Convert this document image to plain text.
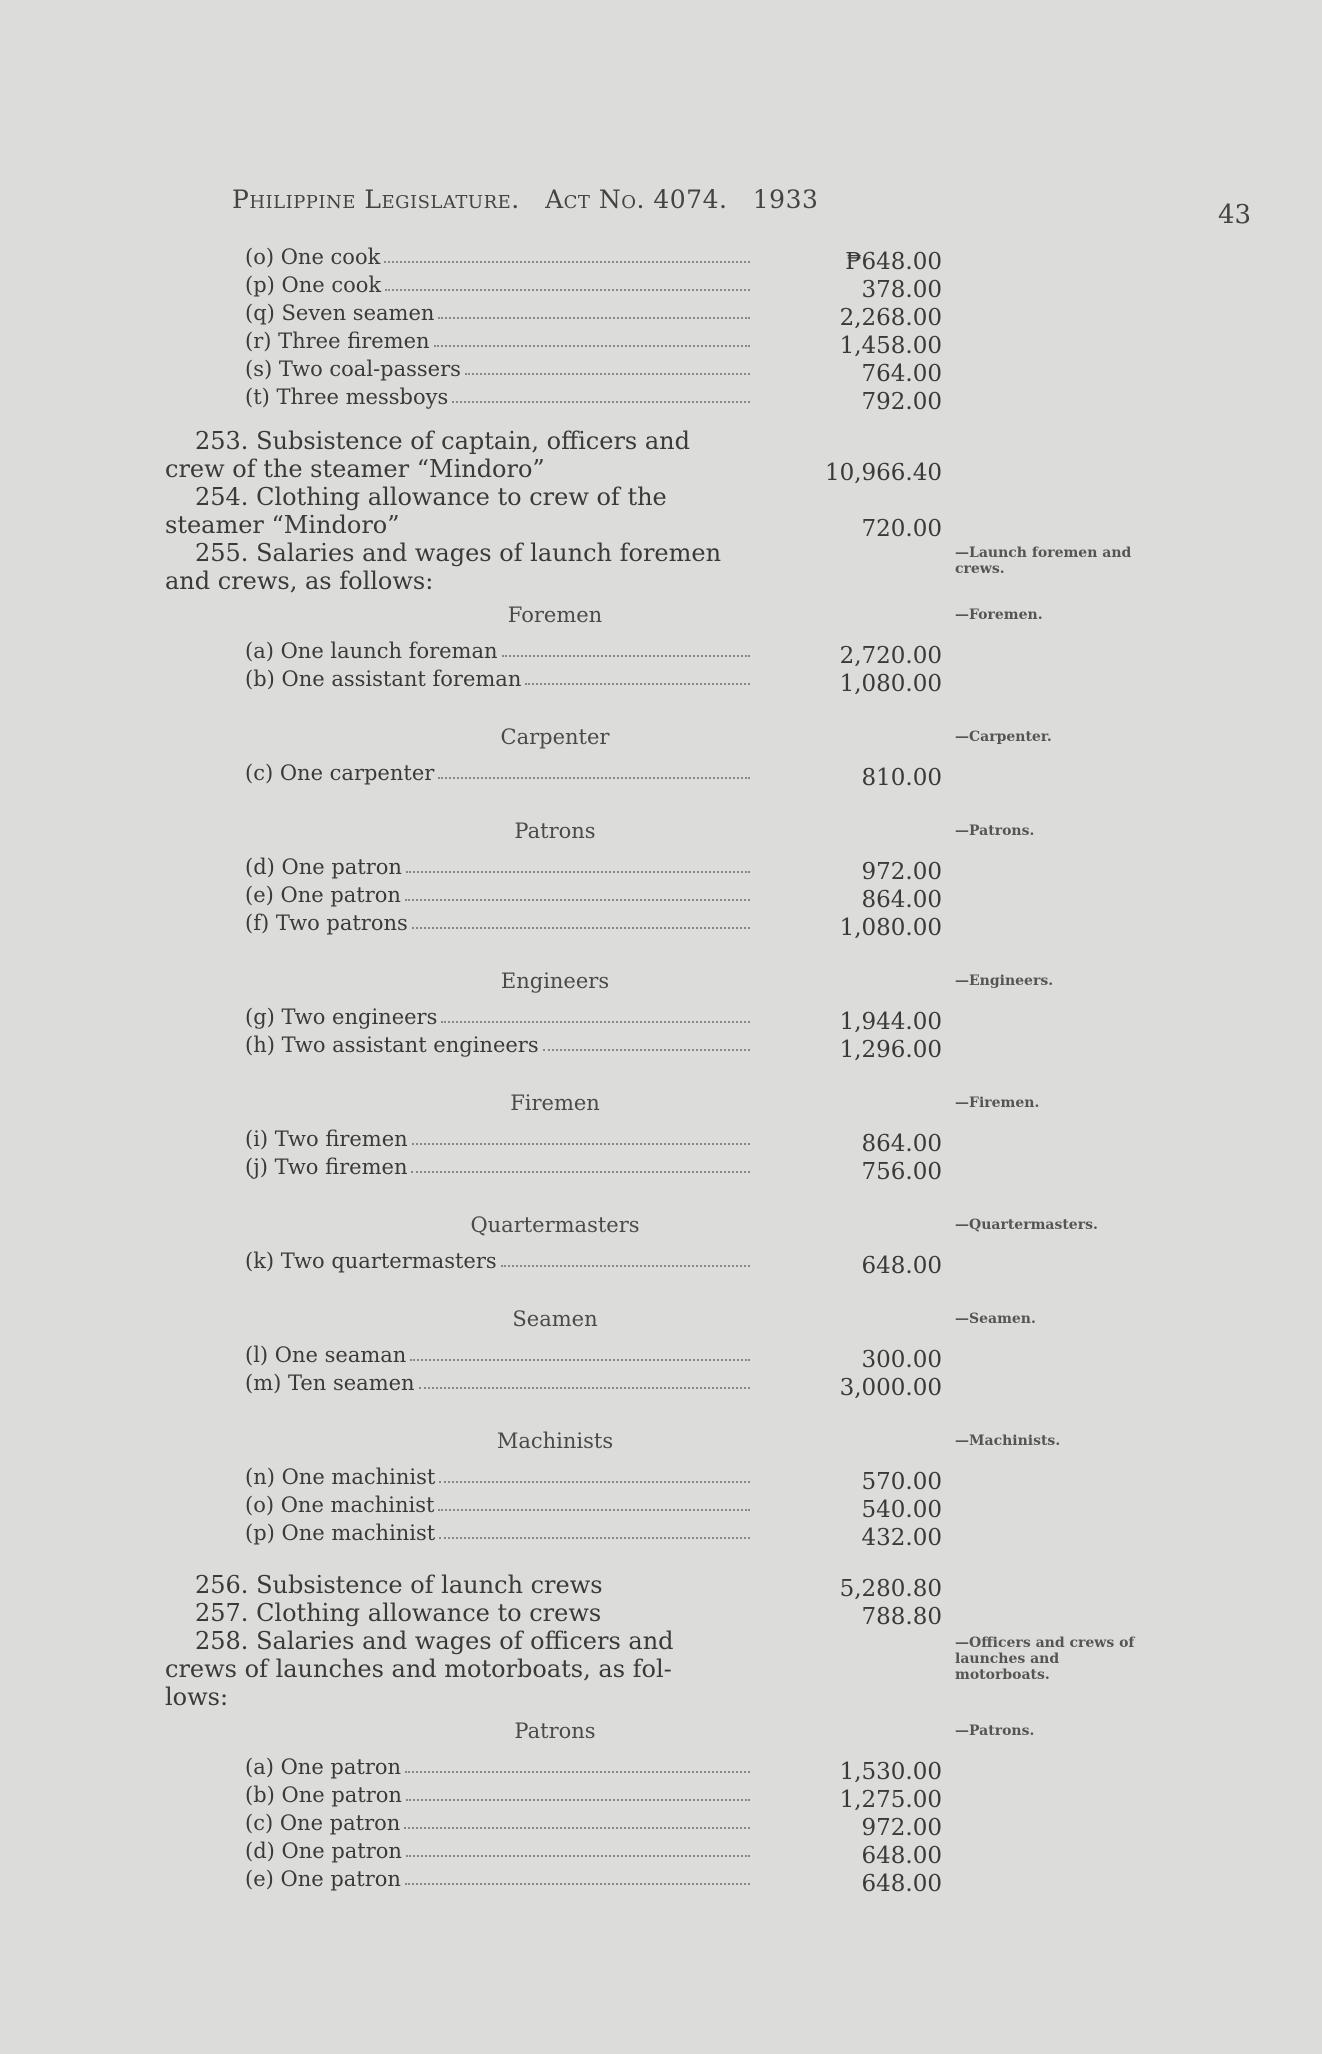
Philippine Legislature. Act No. 4074. 1933
43
(o) One cook	₱648.00
(p) One cook	378.00
(q) Seven seamen	2,268.00
(r) Three firemen	1,458.00
(s) Two coal-passers	764.00
(t) Three messboys	792.00
253. Subsistence of captain, officers and
crew of the steamer “Mindoro”	10,966.40
254. Clothing allowance to crew of the
steamer “Mindoro”	720.00
255. Salaries and wages of launch foremen
and crews, as follows:
—Launch foremen and crews.
Foremen	—Foremen.
(a) One launch foreman	2,720.00
(b) One assistant foreman	1,080.00
Carpenter	—Carpenter.
(c) One carpenter	810.00
Patrons	—Patrons.
(d) One patron	972.00
(e) One patron	864.00
(f) Two patrons	1,080.00
Engineers	—Engineers.
(g) Two engineers	1,944.00
(h) Two assistant engineers	1,296.00
Firemen	—Firemen.
(i) Two firemen	864.00
(j) Two firemen	756.00
Quartermasters	—Quartermasters.
(k) Two quartermasters	648.00
Seamen	—Seamen.
(l) One seaman	300.00
(m) Ten seamen	3,000.00
Machinists	—Machinists.
(n) One machinist	570.00
(o) One machinist	540.00
(p) One machinist	432.00
256. Subsistence of launch crews	5,280.80
257. Clothing allowance to crews	788.80
258. Salaries and wages of officers and
crews of launches and motorboats, as fol-
lows:
—Officers and crews of launches and motorboats.
Patrons	—Patrons.
(a) One patron	1,530.00
(b) One patron	1,275.00
(c) One patron	972.00
(d) One patron	648.00
(e) One patron	648.00
